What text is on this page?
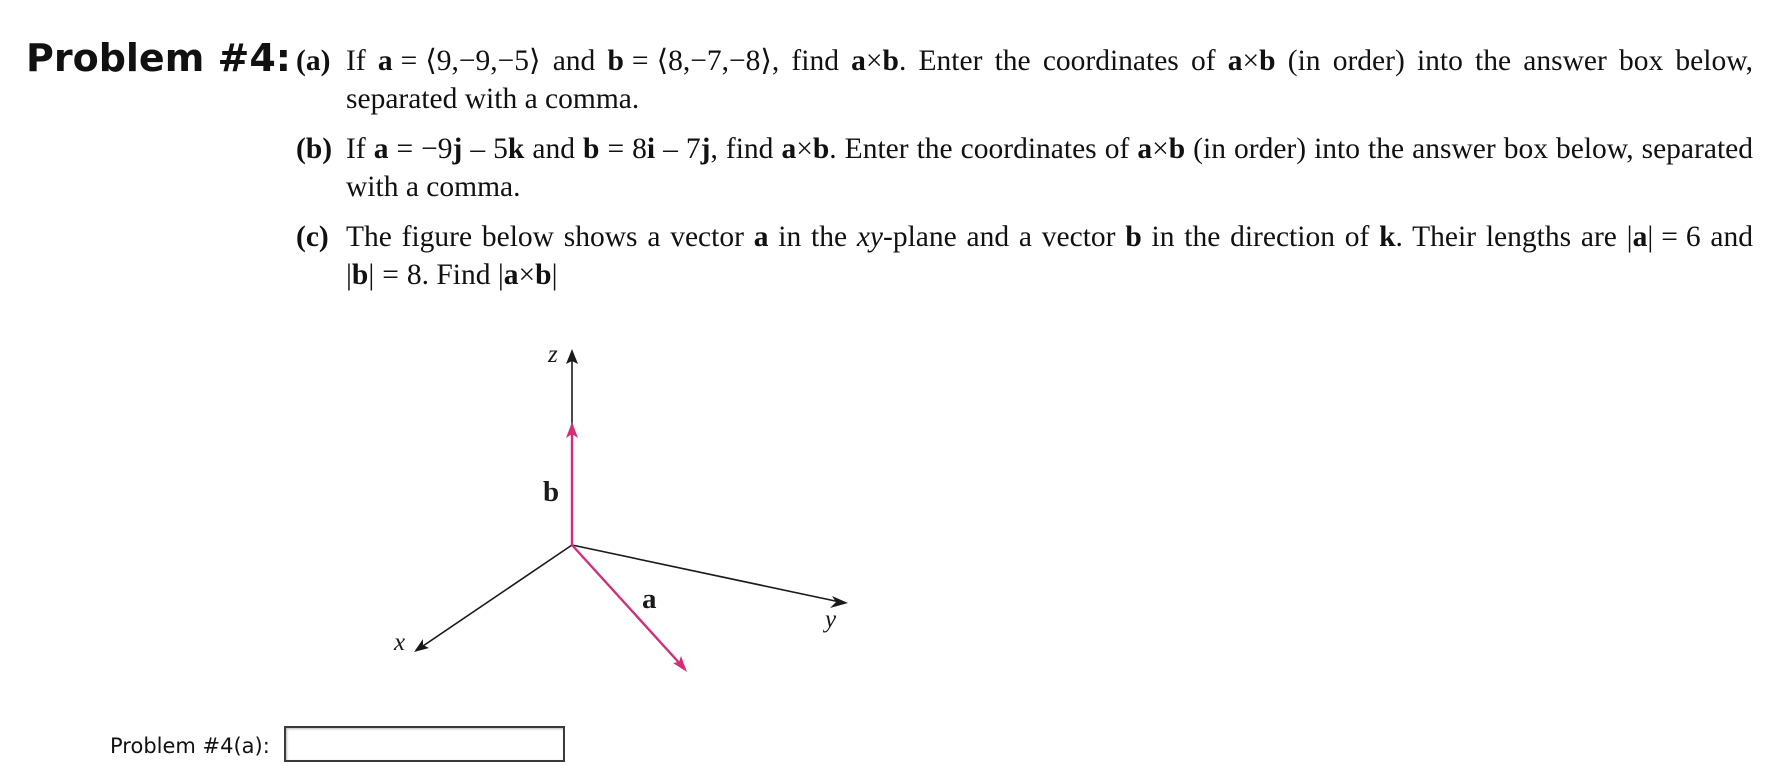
Problem #4: (a) If a = ⟨9,−9,−5⟩ and b = ⟨8,−7,−8⟩, find a×b. Enter the coordinates of a×b (in order) into the answer box below, separated with a comma.
(b) If a = −9j – 5k and b = 8i – 7j, find a×b. Enter the coordinates of a×b (in order) into the answer box below, separated with a comma.
(c) The figure below shows a vector a in the xy-plane and a vector b in the direction of k. Their lengths are |a| = 6 and |b| = 8. Find |a×b|
z
y
x
b
a
Problem #4(a):
